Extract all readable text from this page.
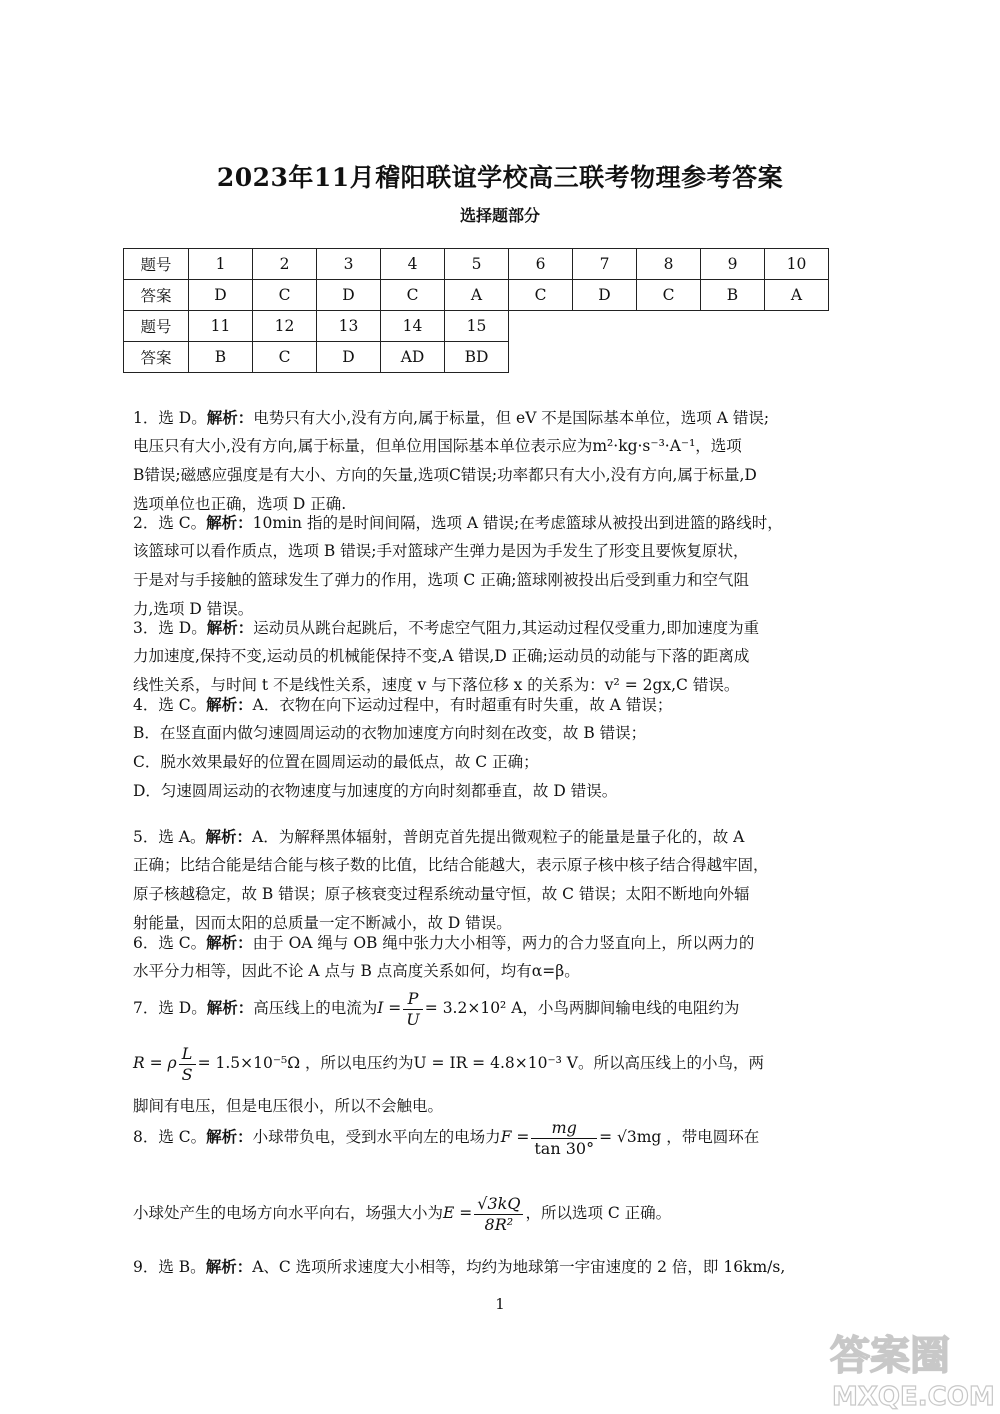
2023年11月稽阳联谊学校高三联考物理参考答案
选择题部分
题号	1	2	3	4	5	6	7	8	9	10
答案	D	C	D	C	A	C	D	C	B	A
题号	11	12	13	14	15					
答案	B	C	D	AD	BD					
1．选 D。解析：电势只有大小,没有方向,属于标量，但 eV 不是国际基本单位，选项 A 错误;
电压只有大小,没有方向,属于标量，但单位用国际基本单位表示应为m²·kg·s⁻³·A⁻¹，选项
B错误;磁感应强度是有大小、方向的矢量,选项C错误;功率都只有大小,没有方向,属于标量,D
选项单位也正确，选项 D 正确.
2．选 C。解析：10min 指的是时间间隔，选项 A 错误;在考虑篮球从被投出到进篮的路线时，
该篮球可以看作质点，选项 B 错误;手对篮球产生弹力是因为手发生了形变且要恢复原状，
于是对与手接触的篮球发生了弹力的作用，选项 C 正确;篮球刚被投出后受到重力和空气阻
力,选项 D 错误。
3．选 D。解析：运动员从跳台起跳后，不考虑空气阻力,其运动过程仅受重力,即加速度为重
力加速度,保持不变,运动员的机械能保持不变,A 错误,D 正确;运动员的动能与下落的距离成
线性关系，与时间 t 不是线性关系，速度 v 与下落位移 x 的关系为：v² = 2gx,C 错误。
4．选 C。解析：A．衣物在向下运动过程中，有时超重有时失重，故 A 错误；
B．在竖直面内做匀速圆周运动的衣物加速度方向时刻在改变，故 B 错误；
C．脱水效果最好的位置在圆周运动的最低点，故 C 正确；
D．匀速圆周运动的衣物速度与加速度的方向时刻都垂直，故 D 错误。
5．选 A。解析：A．为解释黑体辐射，普朗克首先提出微观粒子的能量是量子化的，故 A
正确；比结合能是结合能与核子数的比值，比结合能越大，表示原子核中核子结合得越牢固，
原子核越稳定，故 B 错误；原子核衰变过程系统动量守恒，故 C 错误；太阳不断地向外辐
射能量，因而太阳的总质量一定不断减小，故 D 错误。
6．选 C。解析：由于 OA 绳与 OB 绳中张力大小相等，两力的合力竖直向上，所以两力的
水平分力相等，因此不论 A 点与 B 点高度关系如何，均有α=β。
7．选 D。解析：高压线上的电流为$I = \frac{P}{U} = 3.2\times 10^2$ A，小鸟两脚间输电线的电阻约为
R = ρ $\frac{L}{S} = 1.5\times 10^{-5}\Omega$ ，所以电压约为U = IR = 4.8×10⁻³ V。所以高压线上的小鸟，两
脚间有电压，但是电压很小，所以不会触电。
8．选 C。解析：小球带负电，受到水平向左的电场力$F = \frac{mg}{\tan 30^\circ} = √3mg$ ，带电圆环在
小球处产生的电场方向水平向右，场强大小为$E = \frac{√3kQ}{\text{8R²}}$ ，所以选项 C 正确。
9．选 B。解析：A、C 选项所求速度大小相等，均约为地球第一宇宙速度的 2 倍，即 16km/s,
1
答案圈
MXQE.COM
